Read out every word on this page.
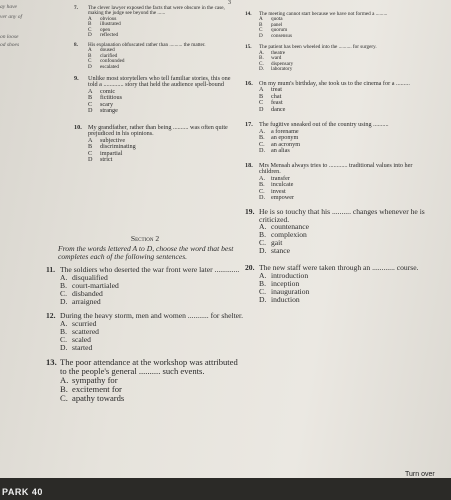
3
ay have
ver any of
on loose
od shoes
7. The clever lawyer exposed the facts that were obscure in the case, making the judge see beyond the ......
A obvious
B illustrated
C open
D reflected
8. His explanation obfuscated rather than .......... the matter.
A doused
B clarified
C confounded
D escalated
9. Unlike most storytellers who tell familiar stories, this one told a ............. story that held the audience spell-bound
A comic
B fictitious
C scary
D strange
10. My grandfather, rather than being .......... was often quite prejudiced in his opinions.
A subjective
B discriminating
C impartial
D strict
Section 2
From the words lettered A to D, choose the word that best completes each of the following sentences.
11. The soldiers who deserted the war front were later .............
A. disqualified
B. court-martialed
C. disbanded
D. arraigned
12. During the heavy storm, men and women ........... for shelter.
A. scurried
B. scattered
C. scaled
D. started
13. The poor attendance at the workshop was attributed to the people's general .......... such events.
A. sympathy for
B. excitement for
C. apathy towards
14. The meeting cannot start because we have not formed a .........
A quota
B panel
C quorum
D consensus
15. The patient has been wheeled into the .......... for surgery.
A. theatre
B. ward
C. dispensary
D. laboratory
16. On my mum's birthday, she took us to the cinema for a .........
A treat
B chat
C feast
D dance
17. The fugitive sneaked out of the country using ..........
A. a forename
B. an eponym
C. an acronym
D. an alias
18. Mrs Mensah always tries to ............ traditional values into her children.
A. transfer
B. inculcate
C. invest
D. empower
19. He is so touchy that his .......... changes whenever he is criticized.
A. countenance
B. complexion
C. gait
D. stance
20. The new staff were taken through an ............ course.
A. introduction
B. inception
C. inauguration
D. induction
Turn over
PARK 40
